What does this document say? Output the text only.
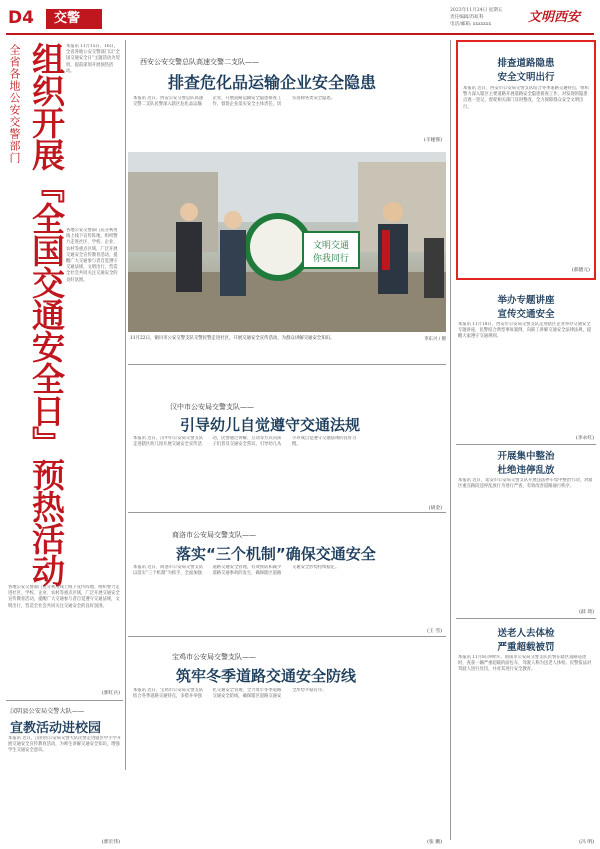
D4	交警
2023年11月24日 星期五
责任编辑/苏虹科
电话/邮箱: xxxxxxx	文明西安
全省各地公安交警部门 组织开展『全国交通安全日』预热活动 本报讯 11月15日、16日，全省各地公安交警部门以“全国交通安全日”主题活动为契机，提前谋划开展预热活动。
各地公安交警部门充分利用线上线下宣传阵地，组织警力走进社区、学校、企业、农村等重点区域，广泛开展交通安全宣传教育活动，提醒广大交通参与者自觉遵守交通法规，文明出行，营造全社会共同关注交通安全的良好氛围。
各地公安交警部门充分利用线上线下宣传阵地，组织警力走进社区、学校、企业、农村等重点区域，广泛开展交通安全宣传教育活动，提醒广大交通参与者自觉遵守交通法规，文明出行，营造全社会共同关注交通安全的良好氛围。
(郭红兵)
西安公安交警总队高速交警二支队——
排查危化品运输企业安全隐患
本报讯 近日，西安公安交警总队高速交警二支队民警深入辖区危化品运输企业，开展道路运输安全隐患排查工作，督促企业落实安全主体责任，切实消除各类安全隐患。
(辛娅蓉)
文明交通
你我同行
11月22日，铜川市公安交警支队交警民警走进社区，开展交通安全宣传活动，为群众讲解交通安全知识。	李东兴 / 摄
汉中市公安局交警支队——
引导幼儿自觉遵守交通法规
本报讯 近日，汉中市公安局交警支队走进辖区幼儿园开展交通安全宣传活动，民警通过讲解、互动等方式向孩子们普及交通安全常识，引导幼儿从小养成自觉遵守交通法规的良好习惯。
(胡金)
商洛市公安局交警支队——
落实“三个机制”确保交通安全
本报讯 近日，商洛市公安局交警支队以落实“三个机制”为抓手，全面加强道路交通安全管理，有效预防和减少道路交通事故的发生，确保辖区道路交通安全形势持续稳定。
(王 雪)
宝鸡市公安局交警支队——
筑牢冬季道路交通安全防线
本报讯 近日，宝鸡市公安局交警支队结合冬季道路交通特点，多措并举强化交通安全管理，全力筑牢冬季道路交通安全防线，确保辖区道路交通安全形势平稳有序。
(张 鹏)
汉阴县公安局交警大队——
宣教活动进校园
本报讯 近日，汉阴县公安局交警大队民警走进辖区中小学开展交通安全宣传教育活动，为师生讲解交通安全知识，增强学生交通安全意识。
(郭宏伟)
排查道路隐患
安全文明出行
本报讯 近日，西安市公安局交警支队结合冬季道路交通特点，组织警力深入辖区主要道路开展道路安全隐患排查工作，对发现的隐患点逐一登记，督促相关部门及时整改，全力保障群众安全文明出行。
(郝德元)
举办专题讲座
宣传交通安全
本报讯 11月18日，西安市公安局交警支队走进辖区企业举办交通安全专题讲座，民警结合典型事故案例，向职工讲解交通安全法律法规，提醒大家遵守交通规则。
(李永红)
开展集中整治
杜绝违停乱放
本报讯 近日，延安市公安局交警支队开展违法停车集中整治行动，对辖区重点路段违停乱放行为进行严查，有效改善道路通行秩序。
(薛 琦)
送老人去体检
严重超载被罚
本报讯 11月8日9时许，渭南市公安局交警支队民警在辖区道路巡逻时，查获一辆严重超载的面包车，驾驶人称为送老人体检。民警依法对驾驶人进行处罚，并对其进行安全教育。
(冯 明)
